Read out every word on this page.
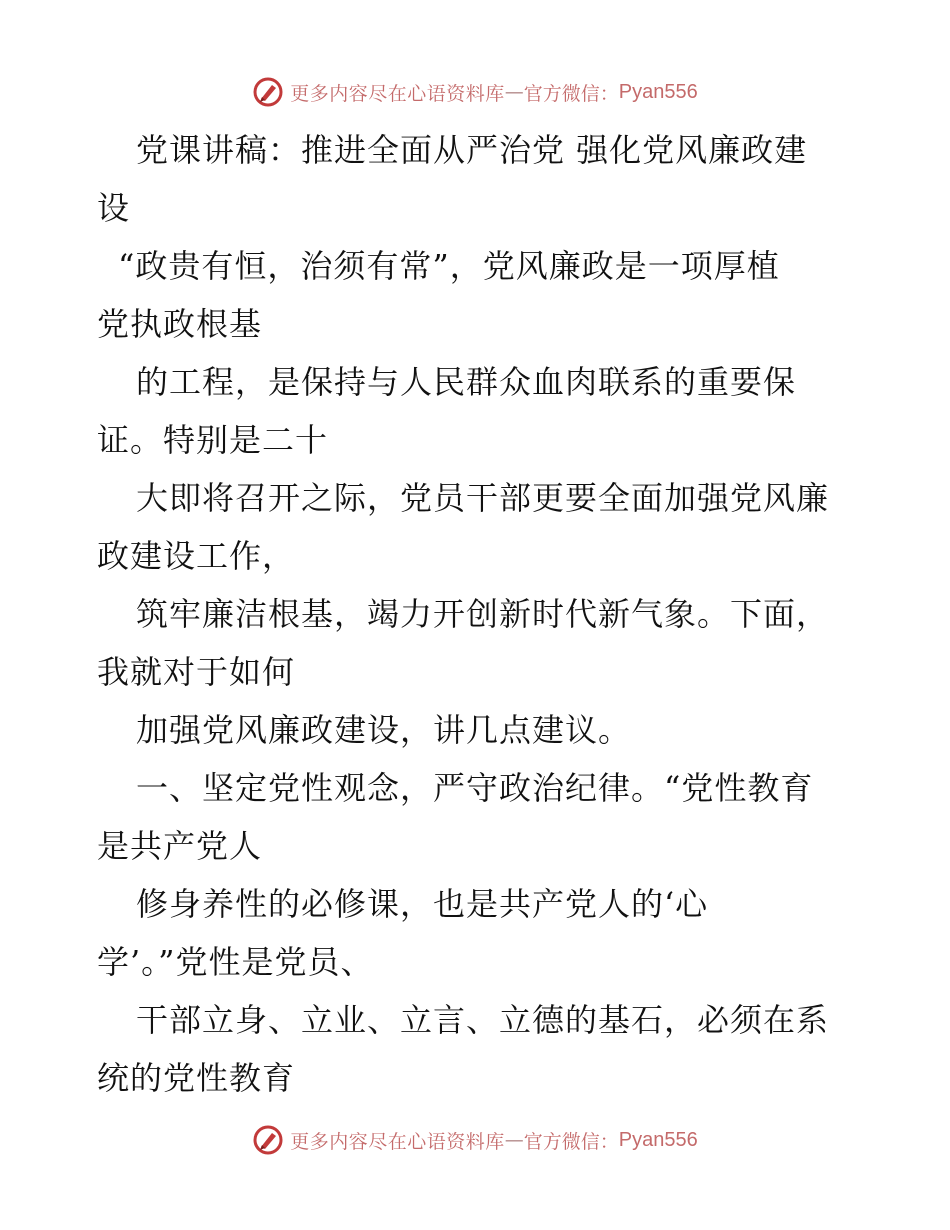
更多内容尽在心语资料库 — 官方微信： Pyan556
党课讲稿：推进全面从严治党 强化党风廉政建
设
“政贵有恒，治须有常”，党风廉政是一项厚植
党执政根基
的工程，是保持与人民群众血肉联系的重要保
证。特别是二十
大即将召开之际，党员干部更要全面加强党风廉
政建设工作，
筑牢廉洁根基，竭力开创新时代新气象。下面，
我就对于如何
加强党风廉政建设，讲几点建议。
一、坚定党性观念，严守政治纪律。“党性教育
是共产党人
修身养性的必修课，也是共产党人的‘心
学’。”党性是党员、
干部立身、立业、立言、立德的基石，必须在系
统的党性教育
更多内容尽在心语资料库 — 官方微信： Pyan556
